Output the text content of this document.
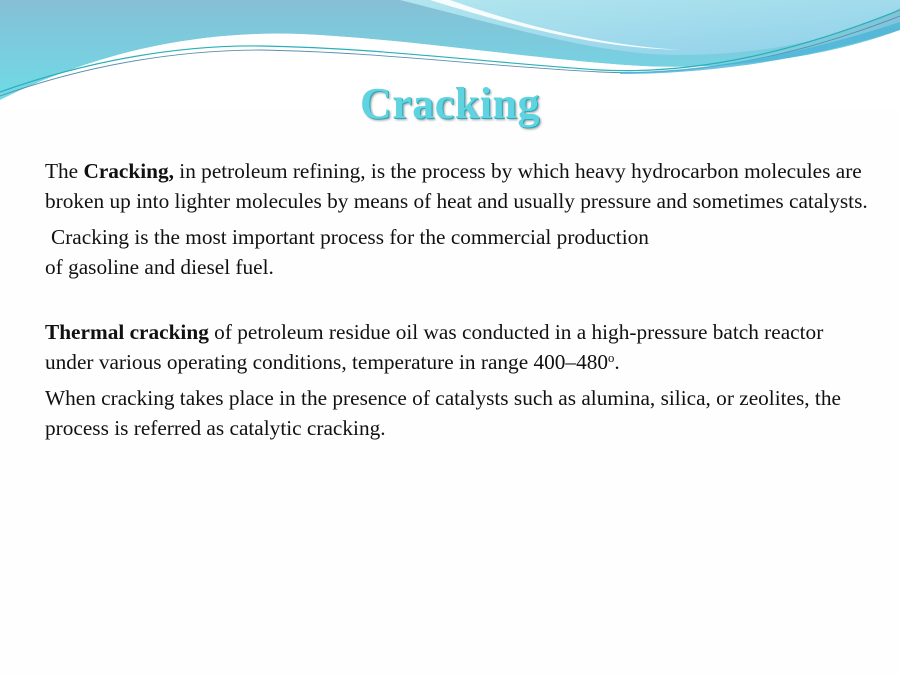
Cracking

The Cracking, in petroleum refining, is the process by which heavy hydrocarbon molecules are broken up into lighter molecules by means of heat and usually pressure and sometimes catalysts.

Cracking is the most important process for the commercial production
of gasoline and diesel fuel.

Thermal cracking of petroleum residue oil was conducted in a high-pressure batch reactor under various operating conditions, temperature in range 400–480$^o$.

When cracking takes place in the presence of catalysts such as alumina, silica, or zeolites, the process is referred as catalytic cracking.
